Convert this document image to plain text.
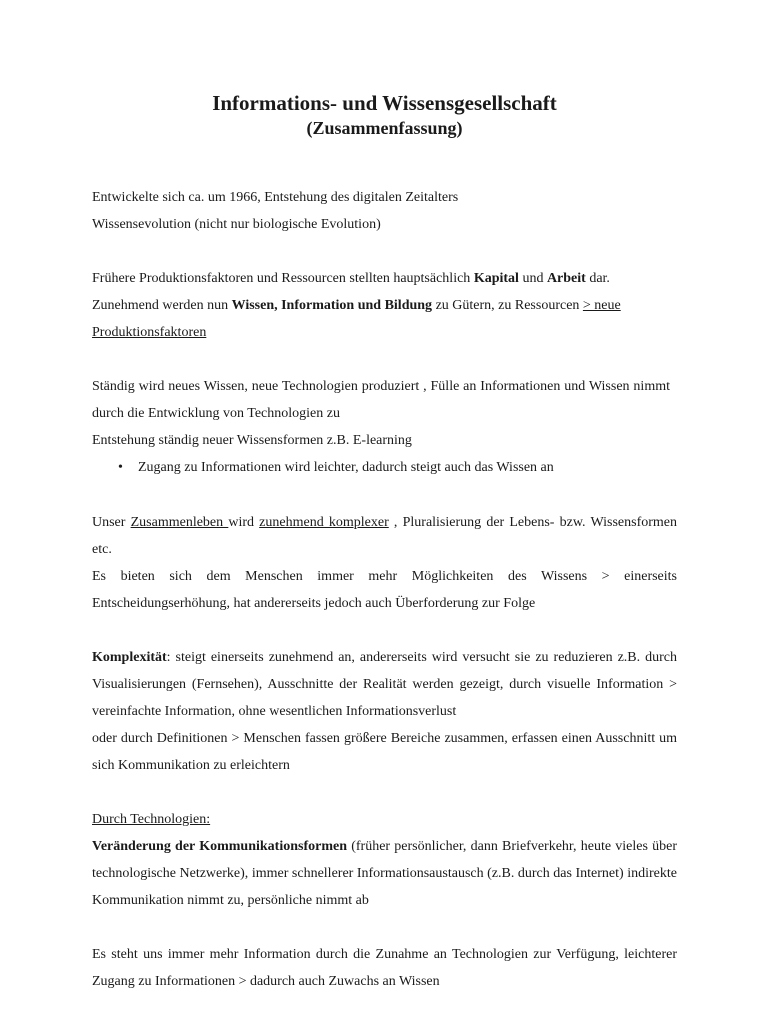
Informations- und Wissensgesellschaft
(Zusammenfassung)

Entwickelte sich ca. um 1966, Entstehung des digitalen Zeitalters

Wissensevolution (nicht nur biologische Evolution)

Frühere Produktionsfaktoren und Ressourcen stellten hauptsächlich Kapital und Arbeit dar.
Zunehmend werden nun Wissen, Information und Bildung zu Gütern, zu Ressourcen > neue Produktionsfaktoren

Ständig wird neues Wissen, neue Technologien produziert , Fülle an Informationen und Wissen nimmt durch die Entwicklung von Technologien zu

Entstehung ständig neuer Wissensformen z.B. E-learning

• Zugang zu Informationen wird leichter, dadurch steigt auch das Wissen an

Unser Zusammenleben wird zunehmend komplexer , Pluralisierung der Lebens- bzw. Wissensformen etc.

Es bieten sich dem Menschen immer mehr Möglichkeiten des Wissens > einerseits Entscheidungserhöhung, hat andererseits jedoch auch Überforderung zur Folge

Komplexität: steigt einerseits zunehmend an, andererseits wird versucht sie zu reduzieren z.B. durch Visualisierungen (Fernsehen), Ausschnitte der Realität werden gezeigt, durch visuelle Information > vereinfachte Information, ohne wesentlichen Informationsverlust

oder durch Definitionen > Menschen fassen größere Bereiche zusammen, erfassen einen Ausschnitt um sich Kommunikation zu erleichtern

Durch Technologien:

Veränderung der Kommunikationsformen (früher persönlicher, dann Briefverkehr, heute vieles über technologische Netzwerke), immer schnellerer Informationsaustausch (z.B. durch das Internet) indirekte Kommunikation nimmt zu, persönliche nimmt ab

Es steht uns immer mehr Information durch die Zunahme an Technologien zur Verfügung, leichterer Zugang zu Informationen > dadurch auch Zuwachs an Wissen
